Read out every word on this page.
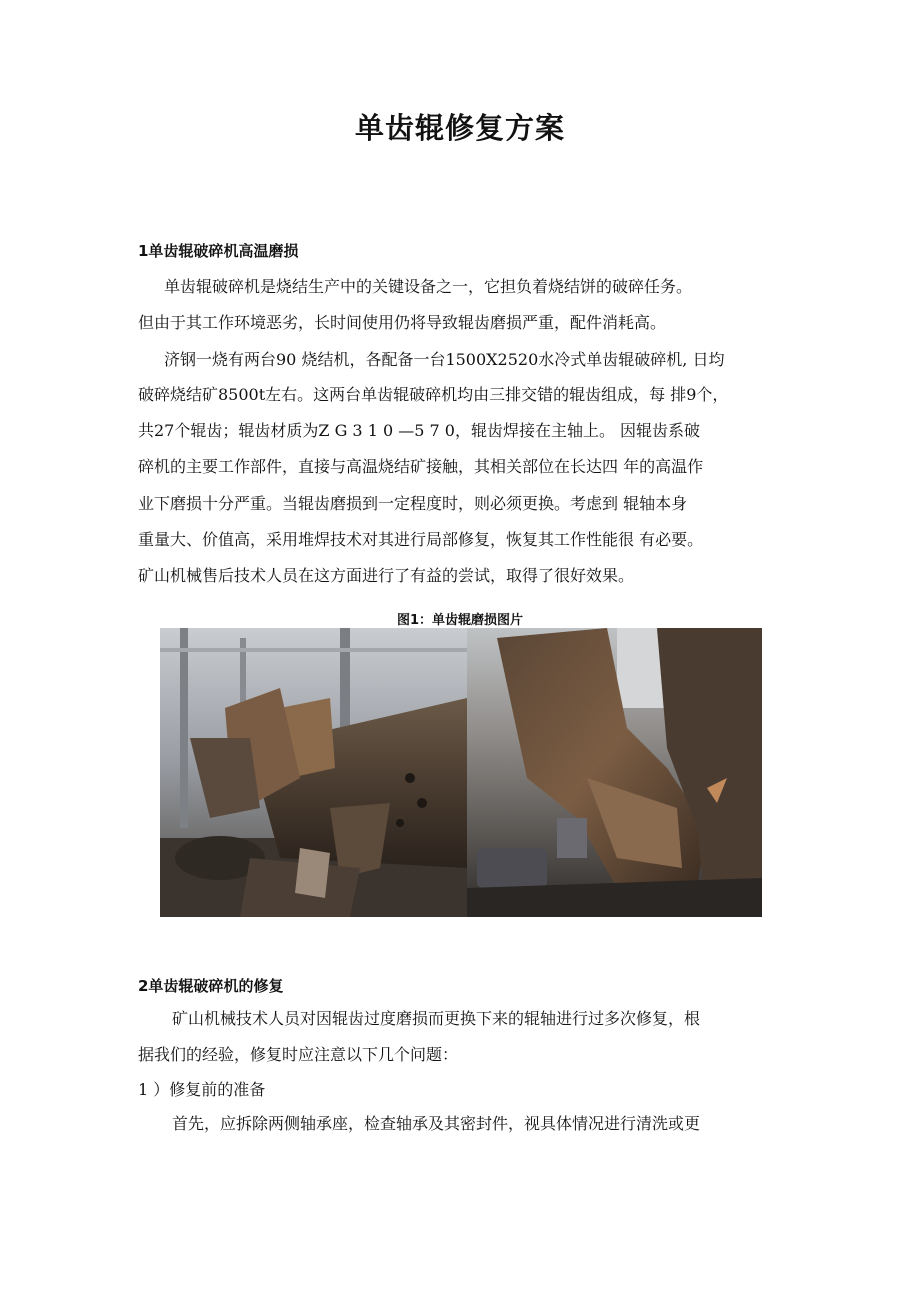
单齿辊修复方案
1单齿辊破碎机高温磨损
单齿辊破碎机是烧结生产中的关键设备之一，它担负着烧结饼的破碎任务。
但由于其工作环境恶劣，长时间使用仍将导致辊齿磨损严重，配件消耗高。
济钢一烧有两台90 烧结机，各配备一台1500X2520水冷式单齿辊破碎机, 日均
破碎烧结矿8500t左右。这两台单齿辊破碎机均由三排交错的辊齿组成，每 排9个，
共27个辊齿；辊齿材质为Z G 3 1 0 —5 7 0，辊齿焊接在主轴上。 因辊齿系破
碎机的主要工作部件，直接与高温烧结矿接触，其相关部位在长达四 年的高温作
业下磨损十分严重。当辊齿磨损到一定程度时，则必须更换。考虑到 辊轴本身
重量大、价值高，采用堆焊技术对其进行局部修复，恢复其工作性能很 有必要。
矿山机械售后技术人员在这方面进行了有益的尝试，取得了很好效果。
图1：单齿辊磨损图片
2单齿辊破碎机的修复
矿山机械技术人员对因辊齿过度磨损而更换下来的辊轴进行过多次修复，根
据我们的经验，修复时应注意以下几个问题：
1 ）修复前的准备
首先，应拆除两侧轴承座，检查轴承及其密封件，视具体情况进行清洗或更
